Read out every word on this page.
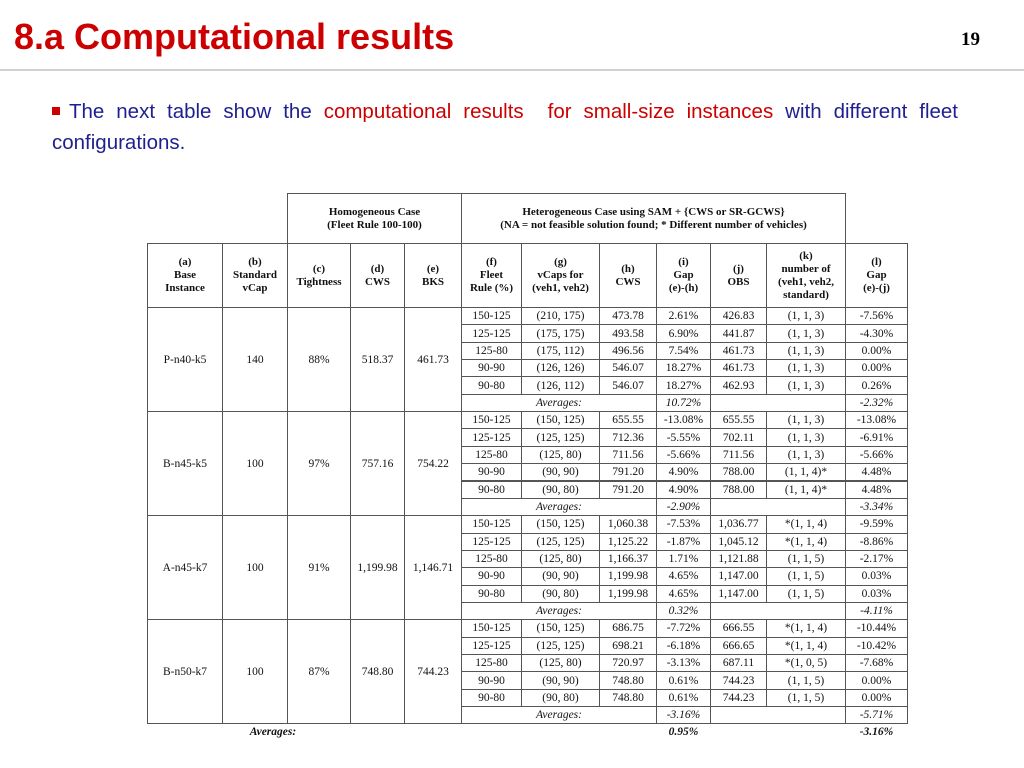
8.a Computational results	19
The next table show the computational results for small-size instances with different fleet configurations.
Homogeneous Case
(Fleet Rule 100-100)
Heterogeneous Case using SAM + {CWS or SR-GCWS}
(NA = not feasible solution found; * Different number of vehicles)
(a)
Base
Instance
(b)
Standard
vCap
(c)
Tightness
(d)
CWS
(e)
BKS
(f)
Fleet
Rule (%)
(g)
vCaps for
(veh1, veh2)
(h)
CWS
(i)
Gap
(e)-(h)
(j)
OBS
(k)
number of
(veh1, veh2,
standard)
(l)
Gap
(e)-(j)
P-n40-k5	140	88%	518.37	461.73
150-125	(210, 175)	473.78	2.61%	426.83	(1, 1, 3)	-7.56%
125-125	(175, 175)	493.58	6.90%	441.87	(1, 1, 3)	-4.30%
125-80	(175, 112)	496.56	7.54%	461.73	(1, 1, 3)	0.00%
90-90	(126, 126)	546.07	18.27%	461.73	(1, 1, 3)	0.00%
90-80	(126, 112)	546.07	18.27%	462.93	(1, 1, 3)	0.26%
Averages:	10.72%	-2.32%
B-n45-k5	100	97%	757.16	754.22
150-125	(150, 125)	655.55	-13.08%	655.55	(1, 1, 3)	-13.08%
125-125	(125, 125)	712.36	-5.55%	702.11	(1, 1, 3)	-6.91%
125-80	(125, 80)	711.56	-5.66%	711.56	(1, 1, 3)	-5.66%
90-90	(90, 90)	791.20	4.90%	788.00	(1, 1, 4)*	4.48%
90-80	(90, 80)	791.20	4.90%	788.00	(1, 1, 4)*	4.48%
Averages:	-2.90%	-3.34%
A-n45-k7	100	91%	1,199.98	1,146.71
150-125	(150, 125)	1,060.38	-7.53%	1,036.77	*(1, 1, 4)	-9.59%
125-125	(125, 125)	1,125.22	-1.87%	1,045.12	*(1, 1, 4)	-8.86%
125-80	(125, 80)	1,166.37	1.71%	1,121.88	(1, 1, 5)	-2.17%
90-90	(90, 90)	1,199.98	4.65%	1,147.00	(1, 1, 5)	0.03%
90-80	(90, 80)	1,199.98	4.65%	1,147.00	(1, 1, 5)	0.03%
Averages:	0.32%	-4.11%
B-n50-k7	100	87%	748.80	744.23
150-125	(150, 125)	686.75	-7.72%	666.55	*(1, 1, 4)	-10.44%
125-125	(125, 125)	698.21	-6.18%	666.65	*(1, 1, 4)	-10.42%
125-80	(125, 80)	720.97	-3.13%	687.11	*(1, 0, 5)	-7.68%
90-90	(90, 90)	748.80	0.61%	744.23	(1, 1, 5)	0.00%
90-80	(90, 80)	748.80	0.61%	744.23	(1, 1, 5)	0.00%
Averages:	-3.16%	-5.71%
Averages:	0.95%	-3.16%
